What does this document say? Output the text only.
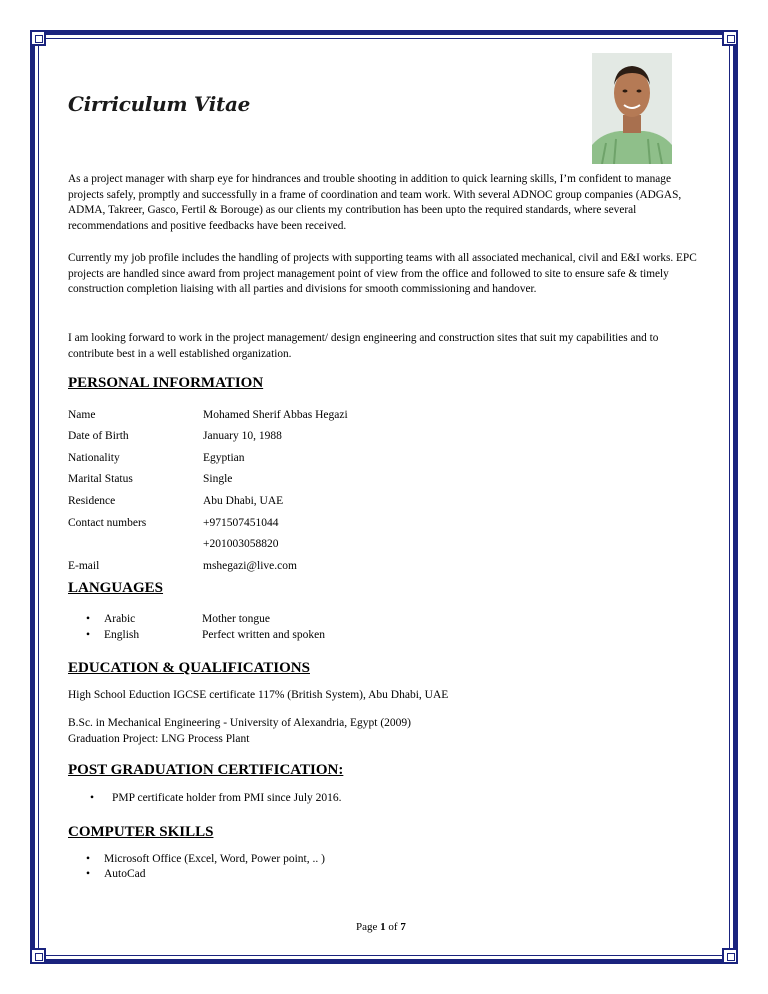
Cirriculum Vitae
As a project manager with sharp eye for hindrances and trouble shooting in addition to quick learning skills, I’m confident to manage projects safely, promptly and successfully in a frame of coordination and team work. With several ADNOC group companies (ADGAS, ADMA, Takreer, Gasco, Fertil & Borouge) as our clients my contribution has been upto the required standards, where several recommendations and positive feedbacks have been received.
Currently my job profile includes the handling of projects with supporting teams with all associated mechanical, civil and E&I works. EPC projects are handled since award from project management point of view from the office and followed to site to ensure safe & timely construction completion liaising with all parties and divisions for smooth commissioning and handover.
I am looking forward to work in the project management/ design engineering and construction sites that suit my capabilities and to contribute best in a well established organization.
PERSONAL INFORMATION
Name	Mohamed Sherif Abbas Hegazi
Date of Birth	January 10, 1988
Nationality	Egyptian
Marital Status	Single
Residence	Abu Dhabi, UAE
Contact numbers	+971507451044
+201003058820
E-mail	mshegazi@live.com
LANGUAGES
• Arabic	Mother tongue
• English	Perfect written and spoken
EDUCATION & QUALIFICATIONS
High School Eduction IGCSE certificate 117% (British System), Abu Dhabi, UAE
B.Sc. in Mechanical Engineering - University of Alexandria, Egypt (2009)
Graduation Project: LNG Process Plant
POST GRADUATION CERTIFICATION:
• PMP certificate holder from PMI since July 2016.
COMPUTER SKILLS
• Microsoft Office (Excel, Word, Power point, .. )
• AutoCad
Page 1 of 7
